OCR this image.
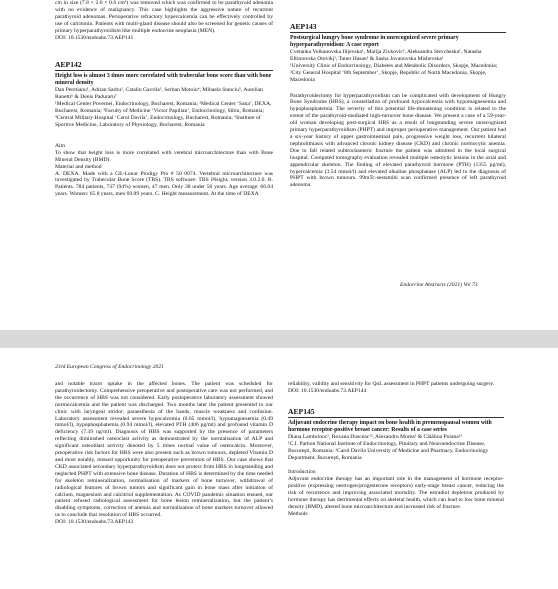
cm in size (7.8 × 2.6 × 0.6 cm³) was removed which was confirmed to be parathyroid adenoma with no evidence of malignancy. This case highlights the aggressive nature of recurrent parathyroid adenomas. Perioperative refractory hypercalcemia can be effectively controlled by use of calcitonin. Patients with multi-gland disease should also be screened for genetic causes of primary hyperparathyroidism like multiple endocrine neoplasia (MEN).

DOI: 10.1530/endoabs.73.AEP141

AEP142

Height loss is almost 3 times more correlated with trabecular bone score than with bone mineral density

Dan Peretianu¹, Adrian Sarbu², Catalin Gavrila³, Serban Motoiu⁴, Mihaela Stanciu⁵, Aurelian Ranetti⁶ & Denis Paduraru⁷

¹Medical Center Povernei, Endocrinology, Bucharest, Romania; ²Medical Center ‘Sana’, DEXA, Bucharest, Romania; ³Faculty of Medicine ‘Victor Papilian’, Endocrinology, Sibiu, Romania; ⁴Central Military Hospital ‘Carol Davila’, Endocrinology, Bucharest, Romania; ⁵Institute of Sportive Medicine, Laboratory of Physiology, Bucharest, Romania

Aim

To show that height loss is more correlated with vetebral microarchitecture than with Bone Mineral Density (BMD).

Material and method

A. DEXA. Made with a GE-Lunar Prodigy Pro # 50 0074. Vertebral microarchitecture was investigated by Trabecular Bone Score (TBS). TBS software: TBS iNsight, version 3.0.2.0. B. Patients. 784 patients, 737 (94%) women, 47 men. Only 38 under 50 years. Age average: 66.04 years. Women: 65.8 years, men 69.89 years. C. Height measurement. At the time of DEXA

AEP143

Postsurgical hungry bone syndrome in unrecognized severe primary hyperparathyroidism: A case report

Cvetanka Volkanovska Ilijevska¹, Marija Zivkovic¹, Aleksandra Stevcheska¹, Natasha Eftimovska Otovikj¹, Taner Hasan¹ & Sasha Jovanovska Mishevska¹

¹University Clinic of Endocrinology, Diabetes and Metabolic Disorders, Skopje, Macedonia; ²City General Hospital ‘8th September’, Skopje, Republic of North Macedonia, Skopje, Macedonia

Parathyroidectomy for hyperparathyroidism can be complicated with development of Hungry Bone Syndrome (HBS), a constellation of profound hypocalcemia with hypomagnesemia and hypophosphatemia. The severity of this potential life-threatening condition is related to the extent of the parathyroid-mediated high-turnover bone disease. We present a case of a 59-year-old woman developing post-surgical HBS as a result of longstanding severe unrecognized primary hyperparathyroidism (PHPT) and improper perioperative management. Our patient had a six-year history of upper gastrointestinal pain, progressive weight loss, recurrent bilateral nephrolithiasis with advanced chronic kidney disease (CKD) and chronic normocytic anemia. Due to fall related subtrochanteric fracture the patient was admitted in the local surgical hospital. Computed tomography evaluation revealed multiple osteolytic lesions in the axial and appendicular skeleton. The finding of elevated parathyroid hormone (PTH) (1355 pg/ml), hypercalcemia (3.54 mmol/l) and elevated alkaline phosphatase (ALP) led to the diagnosis of PHPT with brown tumours. 99mTc-sestamibi scan confirmed presence of left parathyroid adenoma

Endocrine Abstracts (2021) Vol 73
23rd European Congress of Endocrinology 2021

and notable tracer uptake in the affected bones. The patient was scheduled for parathyroidectomy. Comprehensive preoperative and postoperative care was not performed, and the occurrence of HBS was not considered. Early postoperative laboratory assessment showed normocalcemia and the patient was discharged. Two months later the patient presented to our clinic with laryngeal stridor, paraesthesia of the hands, muscle weakness and confusion. Laboratory assessment revealed severe hypocalcemia (0.65 mmol/l), hypomagnesemia (0.49 mmol/l), hypophosphatemia (0.94 mmol/l), elevated PTH (406 pg/ml) and profound vitamin D deficiency (7.39 ng/ml). Diagnosis of HBS was supported by the presence of parameters reflecting diminished osteoclast activity as demonstrated by the normalisation of ALP and significant osteoblast activity denoted by 5 times normal value of osteocalcin. Moreover, preoperative risk factors for HBS were also present such as brown tumours, depleted Vitamin D and most notably, missed opportunity for preoperative prevention of HBS. Our case shows that CKD associated secondary hyperparathyroidism does not protect from HBS in longstanding and neglected PHPT with extensive bone disease. Duration of HBS is determined by the time needed for skeleton remineralization, normalisation of markers of bone turnover, withdrawal of radiological features of brown tumors and significant gain in bone mass after initiation of calcium, magnesium and calcitriol supplementation. As COVID pandemic situation ensued, our patient refused radiological assessment for bone lesion remineralization, but the patient’s disabling symptoms, correction of anemia and normalization of bone markers turnover allowed us to conclude that resolution of HBS occurred.

DOI: 10.1530/endoabs.73.AEP143

reliability, validity and sensitivity for QoL assessment in PHPT patients undergoing surgery.

DOI: 10.1530/endoabs.73.AEP144

AEP145

Adjuvant endocrine therapy impact on bone health in premenopausal women with hormone receptor-positive breast cancer: Results of a case series

Diana Lambrinoc¹, Roxana Dusceac¹², Alexandru Morea¹ & Cătălina Poiana¹²

¹C.I. Parhon National Institute of Endocrinology, Pituitary and Neuroendocrine Disease, Bucureşti, Romania; ²Carol Davila University of Medicine and Pharmacy, Endocrinology Department, Bucureşti, Romania

Introduction

Adjuvant endocrine therapy has an important role in the management of hormone receptor-positive (expressing oestrogen/progesterone receptors) early-stage breast cancer, reducing the risk of recurrence and improving associated mortality. The estradiol depletion produced by hormone therapy has detrimental effects on skeletal health, which can lead to low bone mineral density (BMD), altered bone microarchitecture and increased risk of fracture.

Methods
